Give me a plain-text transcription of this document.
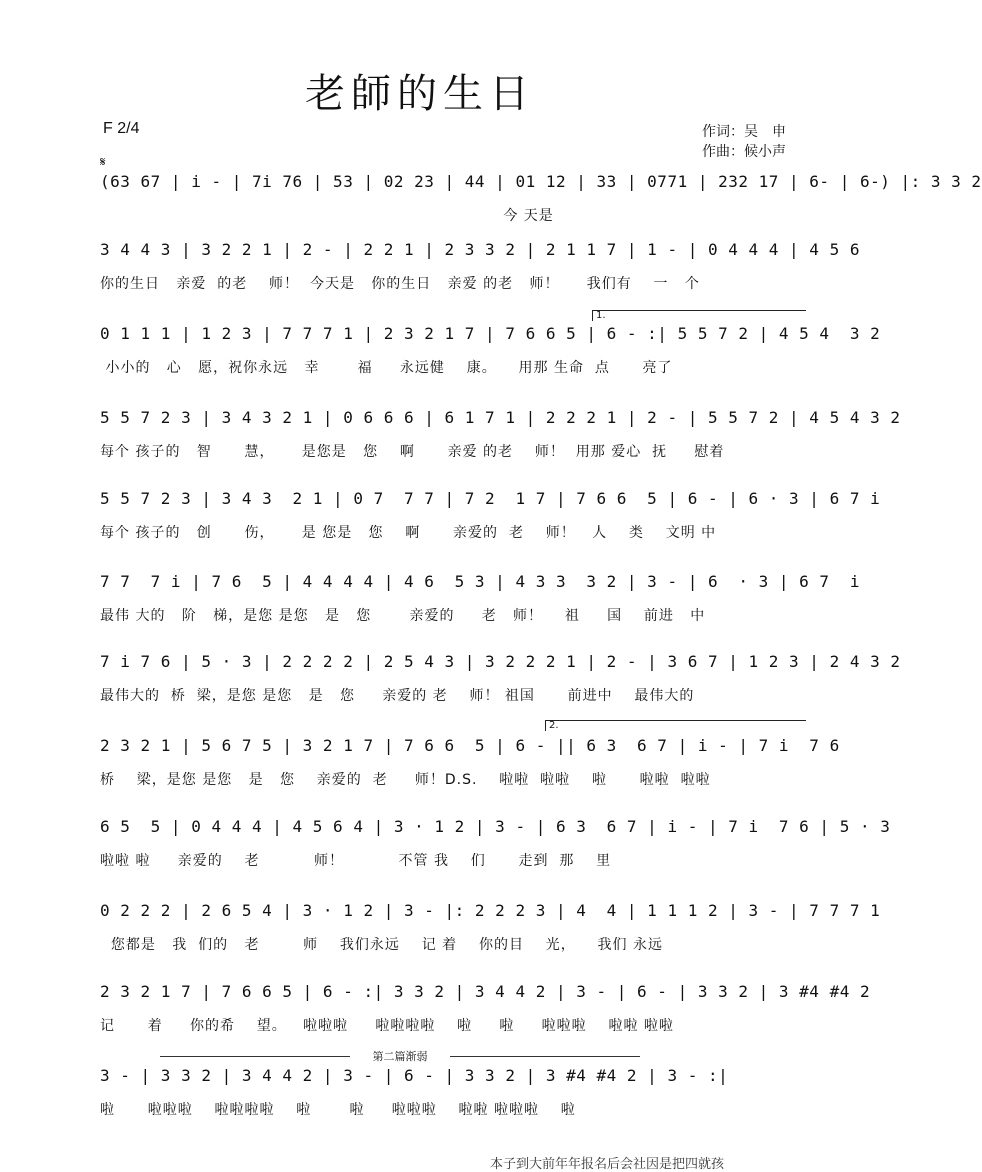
老師的生日
F 2/4	作词：吴　申
作曲：候小声
𝄋
1.
2.
(63 67 | i - | 7i 76 | 53 | 02 23 | 44 | 01 12 | 33 | 0771 | 232 17 | 6- | 6-) |: 3 3 2
今 天是
3 4 4 3 | 3 2 2 1 | 2 - | 2 2 1 | 2 3 3 2 | 2 1 1 7 | 1 - | 0 4 4 4 | 4 5 6
你的生日   亲爱  的老    师！  今天是   你的生日   亲爱 的老   师！     我们有    一   个
0 1 1 1 | 1 2 3 | 7 7 7 1 | 2 3 2 1 7 | 7 6 6 5 | 6 - :| 5 5 7 2 | 4 5 4  3 2
小小的   心   愿，祝你永远   幸       福     永远健    康。    用那 生命  点      亮了
5 5 7 2 3 | 3 4 3 2 1 | 0 6 6 6 | 6 1 7 1 | 2 2 2 1 | 2 - | 5 5 7 2 | 4 5 4 3 2
每个 孩子的   智      慧，     是您是   您    啊      亲爱 的老    师！  用那 爱心  抚     慰着
5 5 7 2 3 | 3 4 3  2 1 | 0 7  7 7 | 7 2  1 7 | 7 6 6  5 | 6 - | 6 · 3 | 6 7 i
每个 孩子的   创      伤，     是 您是   您    啊      亲爱的  老    师！   人    类    文明 中
7 7  7 i | 7 6  5 | 4 4 4 4 | 4 6  5 3 | 4 3 3  3 2 | 3 - | 6  · 3 | 6 7  i
最伟 大的   阶   梯，是您 是您   是   您       亲爱的     老   师！    祖     国    前进   中
7 i 7 6 | 5 · 3 | 2 2 2 2 | 2 5 4 3 | 3 2 2 2 1 | 2 - | 3 6 7 | 1 2 3 | 2 4 3 2
最伟大的  桥  梁，是您 是您   是   您     亲爱的 老    师！ 祖国      前进中    最伟大的
2 3 2 1 | 5 6 7 5 | 3 2 1 7 | 7 6 6  5 | 6 - || 6 3  6 7 | i - | 7 i  7 6
桥    梁，是您 是您   是   您    亲爱的  老     师！D.S.    啦啦  啦啦    啦      啦啦  啦啦
6 5  5 | 0 4 4 4 | 4 5 6 4 | 3 · 1 2 | 3 - | 6 3  6 7 | i - | 7 i  7 6 | 5 · 3
啦啦 啦     亲爱的    老          师！          不管 我    们      走到  那    里
0 2 2 2 | 2 6 5 4 | 3 · 1 2 | 3 - |: 2 2 2 3 | 4  4 | 1 1 1 2 | 3 - | 7 7 7 1
您都是   我  们的   老        师    我们永远    记 着    你的目    光，    我们 永远
2 3 2 1 7 | 7 6 6 5 | 6 - :| 3 3 2 | 3 4 4 2 | 3 - | 6 - | 3 3 2 | 3 #4 #4 2
记      着     你的希    望。   啦啦啦     啦啦啦啦    啦     啦     啦啦啦    啦啦 啦啦
第二篇渐弱
3 - | 3 3 2 | 3 4 4 2 | 3 - | 6 - | 3 3 2 | 3 #4 #4 2 | 3 - :|
啦      啦啦啦    啦啦啦啦    啦       啦     啦啦啦    啦啦 啦啦啦    啦
本子到大前年年报名后会社因是把四就孩
